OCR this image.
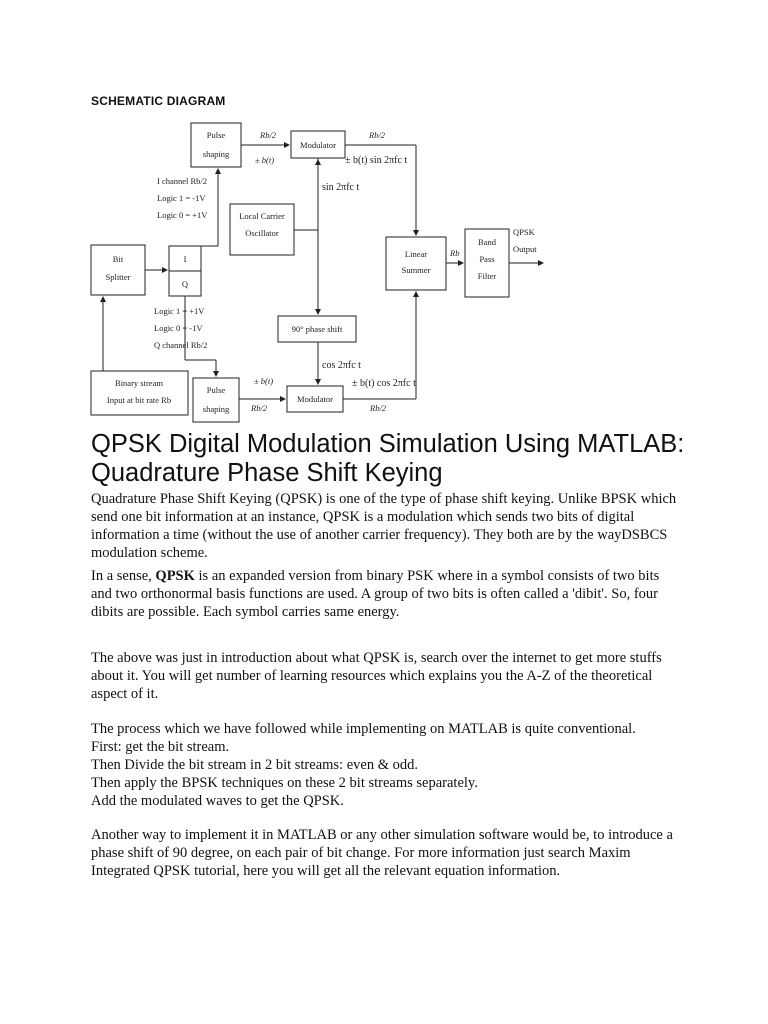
SCHEMATIC DIAGRAM
Pulse
shaping
Modulator
Local Carrier
Oscillator
Bit
Splitter
I
Q
Linear
Summer
Band
Pass
Filter
90° phase shift
Binary stream
Input at bit rate Rb
Pulse
shaping
Modulator
I channel Rb/2
Logic 1 = -1V
Logic 0 = +1V
Logic 1 = +1V
Logic 0 = -1V
Q channel Rb/2
QPSK
Output
Rb/2	Rb/2
Rb/2	Rb/2
Rb
± b(t)
± b(t)
sin 2πfc t
cos 2πfc t
± b(t) sin 2πfc t
± b(t) cos 2πfc t
QPSK Digital Modulation Simulation Using MATLAB: Quadrature Phase Shift Keying

Quadrature Phase Shift Keying (QPSK) is one of the type of phase shift keying. Unlike BPSK which send one bit information at an instance, QPSK is a modulation which sends two bits of digital information a time (without the use of another carrier frequency). They both are by the wayDSBCS modulation scheme.

In a sense, QPSK is an expanded version from binary PSK where in a symbol consists of two bits and two orthonormal basis functions are used. A group of two bits is often called a 'dibit'. So, four dibits are possible. Each symbol carries same energy.

The above was just in introduction about what QPSK is, search over the internet to get more stuffs about it. You will get number of learning resources which explains you the A-Z of the theoretical aspect of it.

The process which we have followed while implementing on MATLAB is quite conventional.

First: get the bit stream.

Then Divide the bit stream in 2 bit streams: even & odd.

Then apply the BPSK techniques on these 2 bit streams separately.

Add the modulated waves to get the QPSK.

Another way to implement it in MATLAB or any other simulation software would be, to introduce a phase shift of 90 degree, on each pair of bit change. For more information just search Maxim Integrated QPSK tutorial, here you will get all the relevant equation information.
